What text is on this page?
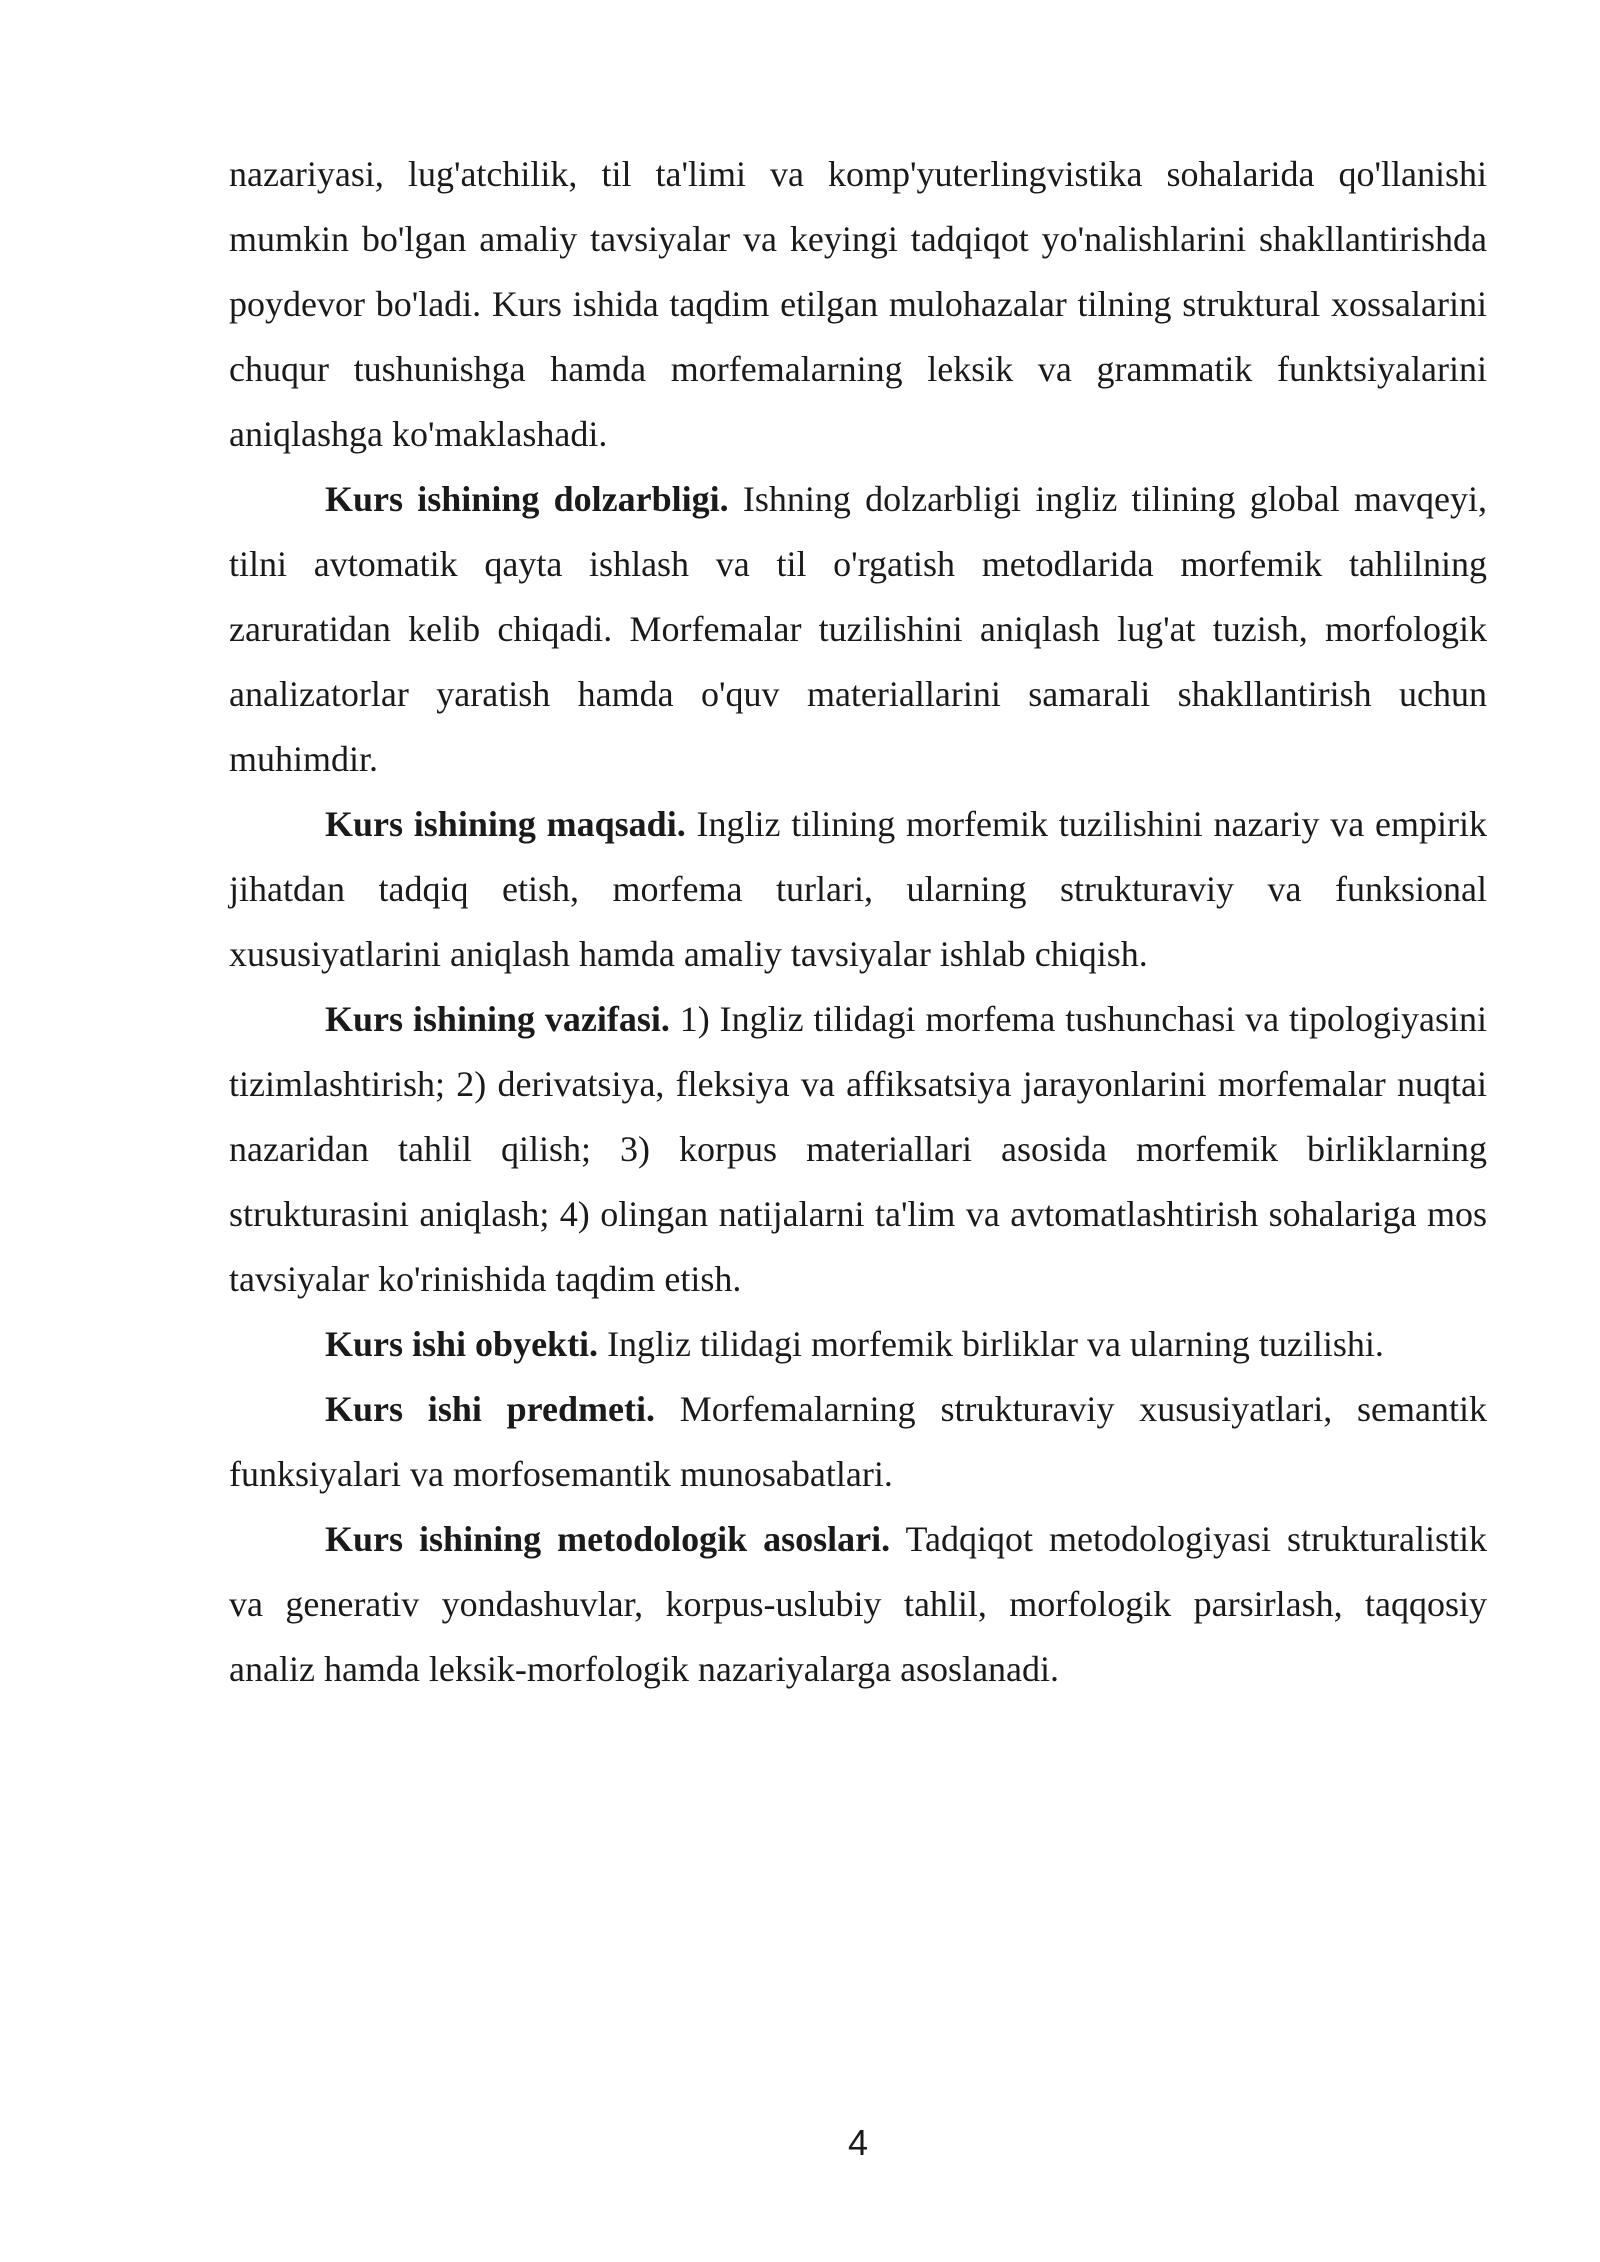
nazariyasi, lug'atchilik, til ta'limi va komp'yuterlingvistika sohalarida qo'llanishi mumkin bo'lgan amaliy tavsiyalar va keyingi tadqiqot yo'nalishlarini shakllantirishda poydevor bo'ladi. Kurs ishida taqdim etilgan mulohazalar tilning struktural xossalarini chuqur tushunishga hamda morfemalarning leksik va grammatik funktsiyalarini aniqlashga ko'maklashadi.

Kurs ishining dolzarbligi. Ishning dolzarbligi ingliz tilining global mavqeyi, tilni avtomatik qayta ishlash va til o'rgatish metodlarida morfemik tahlilning zaruratidan kelib chiqadi. Morfemalar tuzilishini aniqlash lug'at tuzish, morfologik analizatorlar yaratish hamda o'quv materiallarini samarali shakllantirish uchun muhimdir.

Kurs ishining maqsadi. Ingliz tilining morfemik tuzilishini nazariy va empirik jihatdan tadqiq etish, morfema turlari, ularning strukturaviy va funksional xususiyatlarini aniqlash hamda amaliy tavsiyalar ishlab chiqish.

Kurs ishining vazifasi. 1) Ingliz tilidagi morfema tushunchasi va tipologiyasini tizimlashtirish; 2) derivatsiya, fleksiya va affiksatsiya jarayonlarini morfemalar nuqtai nazaridan tahlil qilish; 3) korpus materiallari asosida morfemik birliklarning strukturasini aniqlash; 4) olingan natijalarni ta'lim va avtomatlashtirish sohalariga mos tavsiyalar ko'rinishida taqdim etish.

Kurs ishi obyekti. Ingliz tilidagi morfemik birliklar va ularning tuzilishi.

Kurs ishi predmeti. Morfemalarning strukturaviy xususiyatlari, semantik funksiyalari va morfosemantik munosabatlari.

Kurs ishining metodologik asoslari. Tadqiqot metodologiyasi strukturalistik va generativ yondashuvlar, korpus-uslubiy tahlil, morfologik parsirlash, taqqosiy analiz hamda leksik-morfologik nazariyalarga asoslanadi.

4
